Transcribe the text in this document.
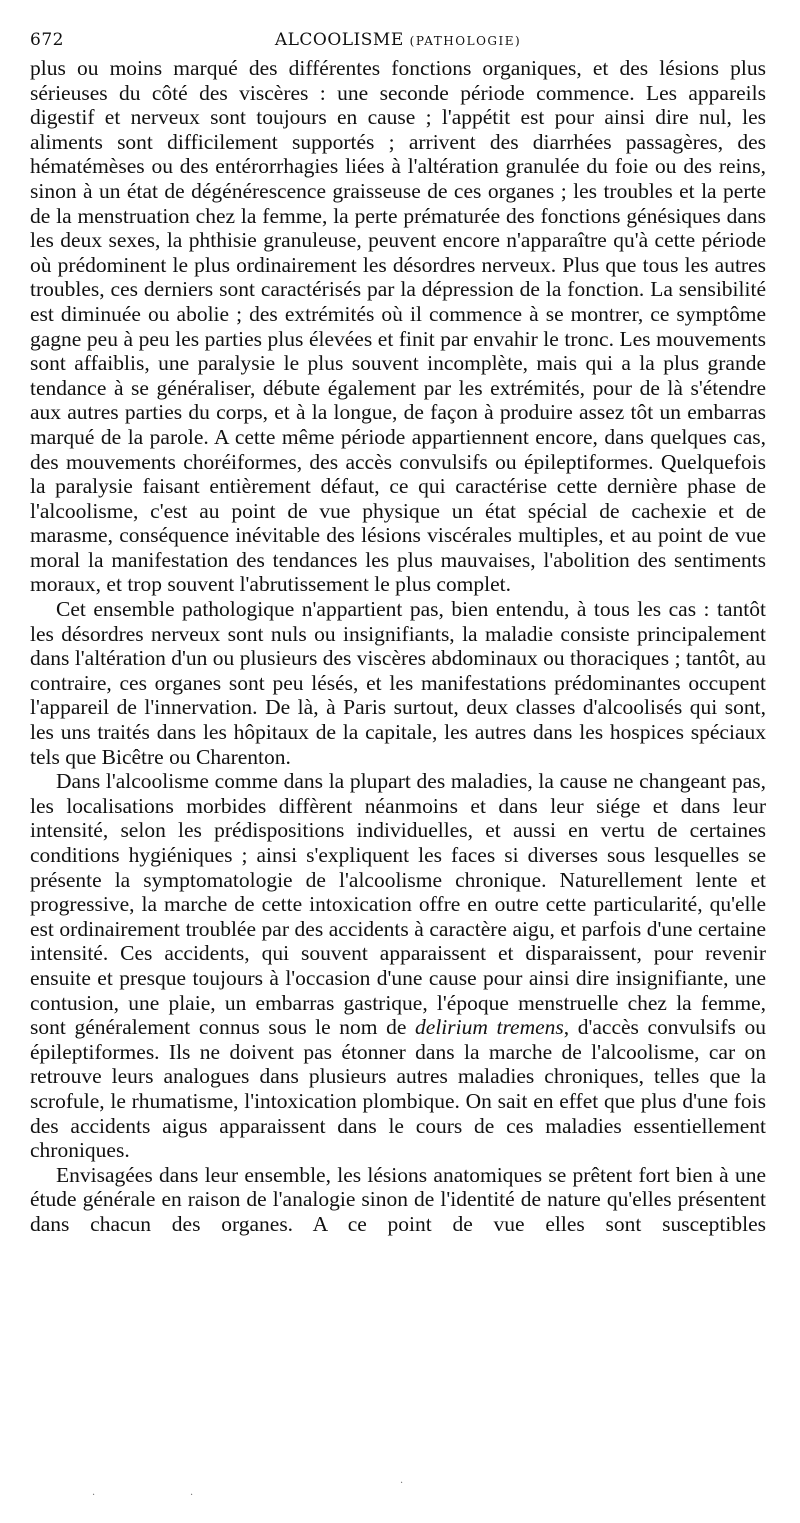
672	ALCOOLISME (PATHOLOGIE)

plus ou moins marqué des différentes fonctions organiques, et des lésions plus sérieuses du côté des viscères : une seconde période commence. Les appareils digestif et nerveux sont toujours en cause ; l'appétit est pour ainsi dire nul, les aliments sont difficilement supportés ; arrivent des diarrhées passagères, des hématémèses ou des entérorrhagies liées à l'altération granulée du foie ou des reins, sinon à un état de dégénérescence graisseuse de ces organes ; les troubles et la perte de la menstruation chez la femme, la perte prématurée des fonctions génésiques dans les deux sexes, la phthisie granuleuse, peuvent encore n'apparaître qu'à cette période où prédominent le plus ordinairement les désordres nerveux. Plus que tous les autres troubles, ces derniers sont caractérisés par la dépression de la fonction. La sensibilité est diminuée ou abolie ; des extrémités où il commence à se montrer, ce symptôme gagne peu à peu les parties plus élevées et finit par envahir le tronc. Les mouvements sont affaiblis, une paralysie le plus souvent incomplète, mais qui a la plus grande tendance à se généraliser, débute également par les extrémités, pour de là s'étendre aux autres parties du corps, et à la longue, de façon à produire assez tôt un embarras marqué de la parole. A cette même période appartiennent encore, dans quelques cas, des mouvements choréiformes, des accès convulsifs ou épileptiformes. Quelquefois la paralysie faisant entièrement défaut, ce qui caractérise cette dernière phase de l'alcoolisme, c'est au point de vue physique un état spécial de cachexie et de marasme, conséquence inévitable des lésions viscérales multiples, et au point de vue moral la manifestation des tendances les plus mauvaises, l'abolition des sentiments moraux, et trop souvent l'abrutissement le plus complet.

Cet ensemble pathologique n'appartient pas, bien entendu, à tous les cas : tantôt les désordres nerveux sont nuls ou insignifiants, la maladie consiste principalement dans l'altération d'un ou plusieurs des viscères abdominaux ou thoraciques ; tantôt, au contraire, ces organes sont peu lésés, et les manifestations prédominantes occupent l'appareil de l'innervation. De là, à Paris surtout, deux classes d'alcoolisés qui sont, les uns traités dans les hôpitaux de la capitale, les autres dans les hospices spéciaux tels que Bicêtre ou Charenton.

Dans l'alcoolisme comme dans la plupart des maladies, la cause ne changeant pas, les localisations morbides diffèrent néanmoins et dans leur siége et dans leur intensité, selon les prédispositions individuelles, et aussi en vertu de certaines conditions hygiéniques ; ainsi s'expliquent les faces si diverses sous lesquelles se présente la symptomatologie de l'alcoolisme chronique. Naturellement lente et progressive, la marche de cette intoxication offre en outre cette particularité, qu'elle est ordinairement troublée par des accidents à caractère aigu, et parfois d'une certaine intensité. Ces accidents, qui souvent apparaissent et disparaissent, pour revenir ensuite et presque toujours à l'occasion d'une cause pour ainsi dire insignifiante, une contusion, une plaie, un embarras gastrique, l'époque menstruelle chez la femme, sont généralement connus sous le nom de delirium tremens, d'accès convulsifs ou épileptiformes. Ils ne doivent pas étonner dans la marche de l'alcoolisme, car on retrouve leurs analogues dans plusieurs autres maladies chroniques, telles que la scrofule, le rhumatisme, l'intoxication plombique. On sait en effet que plus d'une fois des accidents aigus apparaissent dans le cours de ces maladies essentiellement chroniques.

Envisagées dans leur ensemble, les lésions anatomiques se prêtent fort bien à une étude générale en raison de l'analogie sinon de l'identité de nature qu'elles présentent dans chacun des organes. A ce point de vue elles sont susceptibles

·
·	·
